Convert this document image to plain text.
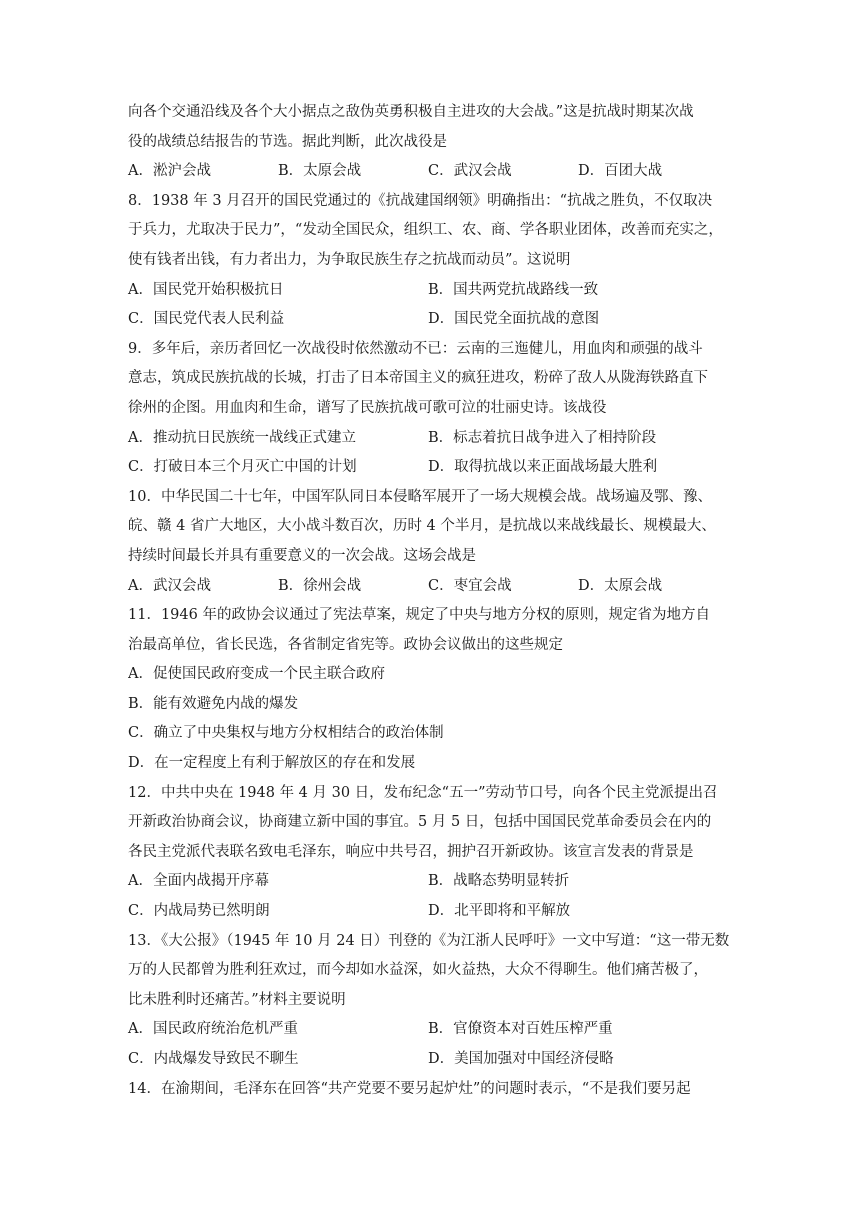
向各个交通沿线及各个大小据点之敌伪英勇积极自主进攻的大会战。”这是抗战时期某次战
役的战绩总结报告的节选。据此判断，此次战役是
A．淞沪会战	B．太原会战	C．武汉会战	D．百团大战
8．1938 年 3 月召开的国民党通过的《抗战建国纲领》明确指出：“抗战之胜负，不仅取决
于兵力，尤取决于民力”，“发动全国民众，组织工、农、商、学各职业团体，改善而充实之，
使有钱者出钱，有力者出力，为争取民族生存之抗战而动员”。这说明
A．国民党开始积极抗日	B．国共两党抗战路线一致
C．国民党代表人民利益	D．国民党全面抗战的意图
9．多年后，亲历者回忆一次战役时依然激动不已：云南的三迤健儿，用血肉和顽强的战斗
意志，筑成民族抗战的长城，打击了日本帝国主义的疯狂进攻，粉碎了敌人从陇海铁路直下
徐州的企图。用血肉和生命，谱写了民族抗战可歌可泣的壮丽史诗。该战役
A．推动抗日民族统一战线正式建立	B．标志着抗日战争进入了相持阶段
C．打破日本三个月灭亡中国的计划	D．取得抗战以来正面战场最大胜利
10．中华民国二十七年，中国军队同日本侵略军展开了一场大规模会战。战场遍及鄂、豫、
皖、赣 4 省广大地区，大小战斗数百次，历时 4 个半月，是抗战以来战线最长、规模最大、
持续时间最长并具有重要意义的一次会战。这场会战是
A．武汉会战	B．徐州会战	C．枣宜会战	D．太原会战
11．1946 年的政协会议通过了宪法草案，规定了中央与地方分权的原则，规定省为地方自
治最高单位，省长民选，各省制定省宪等。政协会议做出的这些规定
A．促使国民政府变成一个民主联合政府
B．能有效避免内战的爆发
C．确立了中央集权与地方分权相结合的政治体制
D．在一定程度上有利于解放区的存在和发展
12．中共中央在 1948 年 4 月 30 日，发布纪念“五一”劳动节口号，向各个民主党派提出召
开新政治协商会议，协商建立新中国的事宜。5 月 5 日，包括中国国民党革命委员会在内的
各民主党派代表联名致电毛泽东，响应中共号召，拥护召开新政协。该宣言发表的背景是
A．全面内战揭开序幕	B．战略态势明显转折
C．内战局势已然明朗	D．北平即将和平解放
13．《大公报》（1945 年 10 月 24 日）刊登的《为江浙人民呼吁》一文中写道：“这一带无数
万的人民都曾为胜利狂欢过，而今却如水益深，如火益热，大众不得聊生。他们痛苦极了，
比未胜利时还痛苦。”材料主要说明
A．国民政府统治危机严重	B．官僚资本对百姓压榨严重
C．内战爆发导致民不聊生	D．美国加强对中国经济侵略
14．在渝期间，毛泽东在回答“共产党要不要另起炉灶”的问题时表示，“不是我们要另起
